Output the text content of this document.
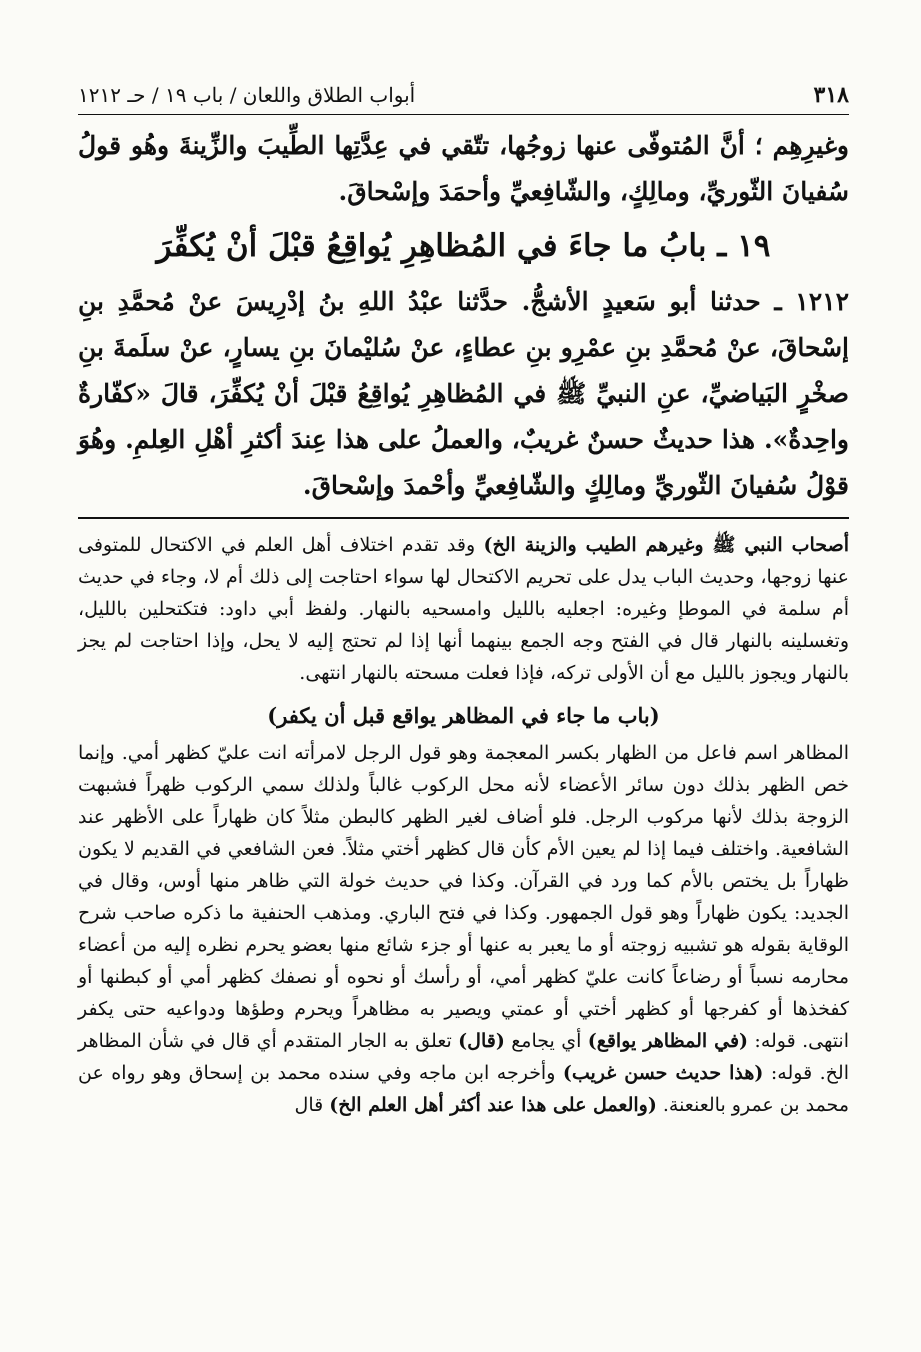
٣١٨
أبواب الطلاق واللعان / باب ١٩ / حـ ١٢١٢

وغيرِهِم ؛ أنَّ المُتوفّى عنها زوجُها، تتّقي في عِدَّتِها الطِّيبَ والزِّينةَ وهُو قولُ سُفيانَ الثّوريِّ، ومالِكٍ، والشّافِعيِّ وأحمَدَ وإسْحاقَ.

١٩ ـ بابُ ما جاءَ في المُظاهِرِ يُواقِعُ قبْلَ أنْ يُكفِّرَ

١٢١٢ ـ حدثنا أبو سَعيدٍ الأشجُّ. حدَّثنا عبْدُ اللهِ بنُ إدْرِيسَ عنْ مُحمَّدِ بنِ إسْحاقَ، عنْ مُحمَّدِ بنِ عمْرِو بنِ عطاءٍ، عنْ سُليْمانَ بنِ يسارٍ، عنْ سلَمةَ بنِ صخْرٍ البَياضيِّ، عنِ النبيِّ ﷺ في المُظاهِرِ يُواقِعُ قبْلَ أنْ يُكفِّرَ، قالَ «كفّارةٌ واحِدةٌ». هذا حديثٌ حسنٌ غريبٌ، والعملُ على هذا عِندَ أكثرِ أهْلِ العِلمِ. وهُوَ قوْلُ سُفيانَ الثّوريِّ ومالِكٍ والشّافِعيِّ وأحْمدَ وإسْحاقَ.

أصحاب النبي ﷺ وغيرهم الطيب والزينة الخ) وقد تقدم اختلاف أهل العلم في الاكتحال للمتوفى عنها زوجها، وحديث الباب يدل على تحريم الاكتحال لها سواء احتاجت إلى ذلك أم لا، وجاء في حديث أم سلمة في الموطإ وغيره: اجعليه بالليل وامسحيه بالنهار. ولفظ أبي داود: فتكتحلين بالليل، وتغسلينه بالنهار قال في الفتح وجه الجمع بينهما أنها إذا لم تحتج إليه لا يحل، وإذا احتاجت لم يجز بالنهار ويجوز بالليل مع أن الأولى تركه، فإذا فعلت مسحته بالنهار انتهى.

(باب ما جاء في المظاهر يواقع قبل أن يكفر)

المظاهر اسم فاعل من الظهار بكسر المعجمة وهو قول الرجل لامرأته انت عليّ كظهر أمي. وإنما خص الظهر بذلك دون سائر الأعضاء لأنه محل الركوب غالباً ولذلك سمي الركوب ظهراً فشبهت الزوجة بذلك لأنها مركوب الرجل. فلو أضاف لغير الظهر كالبطن مثلاً كان ظهاراً على الأظهر عند الشافعية. واختلف فيما إذا لم يعين الأم كأن قال كظهر أختي مثلاً. فعن الشافعي في القديم لا يكون ظهاراً بل يختص بالأم كما ورد في القرآن. وكذا في حديث خولة التي ظاهر منها أوس، وقال في الجديد: يكون ظهاراً وهو قول الجمهور. وكذا في فتح الباري. ومذهب الحنفية ما ذكره صاحب شرح الوقاية بقوله هو تشبيه زوجته أو ما يعبر به عنها أو جزء شائع منها بعضو يحرم نظره إليه من أعضاء محارمه نسباً أو رضاعاً كانت عليّ كظهر أمي، أو رأسك أو نحوه أو نصفك كظهر أمي أو كبطنها أو كفخذها أو كفرجها أو كظهر أختي أو عمتي ويصير به مظاهراً ويحرم وطؤها ودواعيه حتى يكفر انتهى. قوله: (في المظاهر يواقع) أي يجامع (قال) تعلق به الجار المتقدم أي قال في شأن المظاهر الخ. قوله: (هذا حديث حسن غريب) وأخرجه ابن ماجه وفي سنده محمد بن إسحاق وهو رواه عن محمد بن عمرو بالعنعنة. (والعمل على هذا عند أكثر أهل العلم الخ) قال
